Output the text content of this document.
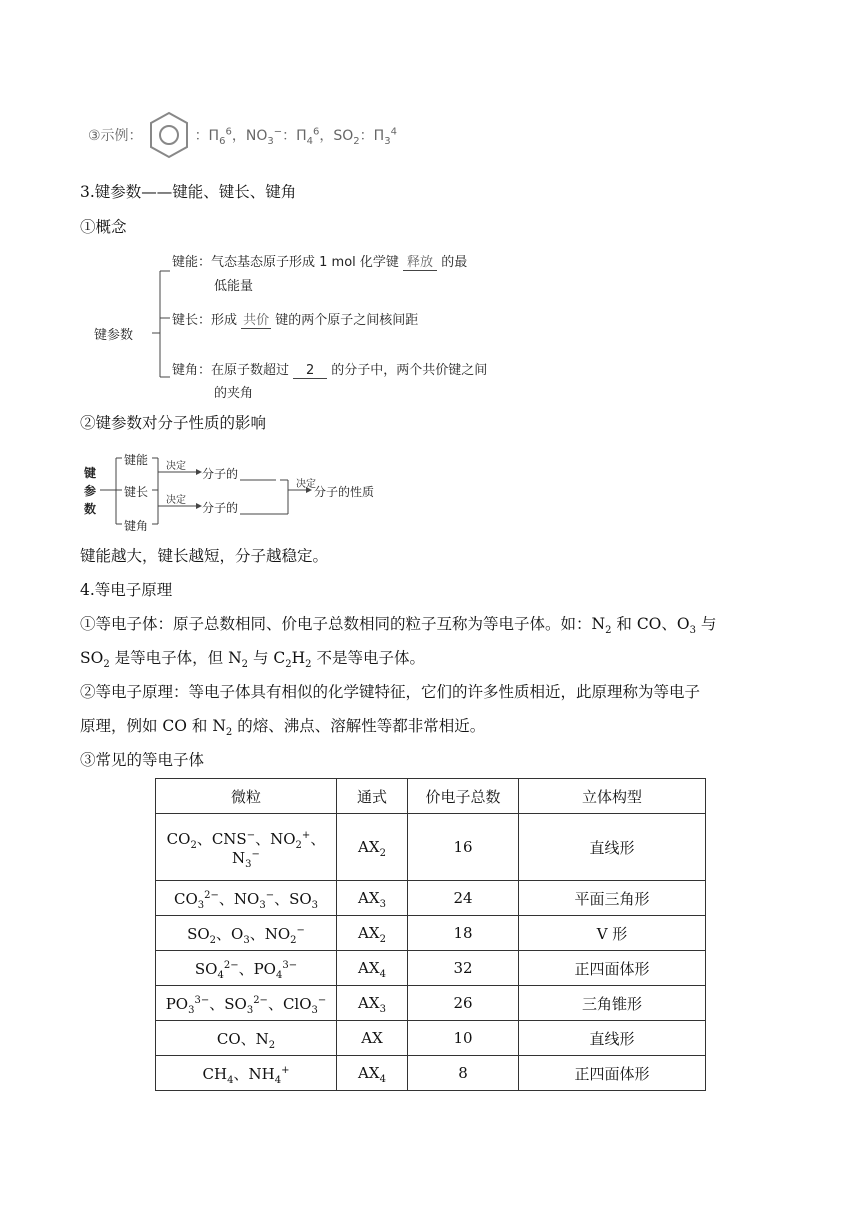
③示例：	：$\Pi_6^6$，$NO_3^-$：$\Pi_4^6$，$SO_2$：$\Pi_3^4$
3.键参数——键能、键长、键角
①概念
键参数
键能：气态基态原子形成 1 mol 化学键 释放 的最
低能量
键长：形成 共价 键的两个原子之间核间距
键角：在原子数超过 2 的分子中，两个共价键之间
的夹角
②键参数对分子性质的影响
键
参
数
键能
键长
键角
决定
决定
决定
分子的
分子的
分子的性质
键能越大，键长越短，分子越稳定。
4.等电子原理
①等电子体：原子总数相同、价电子总数相同的粒子互称为等电子体。如：$N_2$ 和 CO、$O_3$ 与
$SO_2$ 是等电子体，但 $N_2$ 与 $C_2H_2$ 不是等电子体。
②等电子原理：等电子体具有相似的化学键特征，它们的许多性质相近，此原理称为等电子
原理，例如 CO 和 $N_2$ 的熔、沸点、溶解性等都非常相近。
③常见的等电子体
微粒	通式	价电子总数	立体构型
$CO_2$、CNS−、$NO_2^+$、
$N_3^-$	$AX_2$	16	直线形
$CO_3^{2-}$、$NO_3^-$、$SO_3$	$AX_3$	24	平面三角形
$SO_2$、$O_3$、$NO_2^-$	$AX_2$	18	V 形
$SO_4^{2-}$、$PO_4^{3-}$	$AX_4$	32	正四面体形
$PO_3^{3-}$、$SO_3^{2-}$、ClO$_3$−	$AX_3$	26	三角锥形
CO、$N_2$	AX	10	直线形
$CH_4$、$NH_4^+$	$AX_4$	8	正四面体形
